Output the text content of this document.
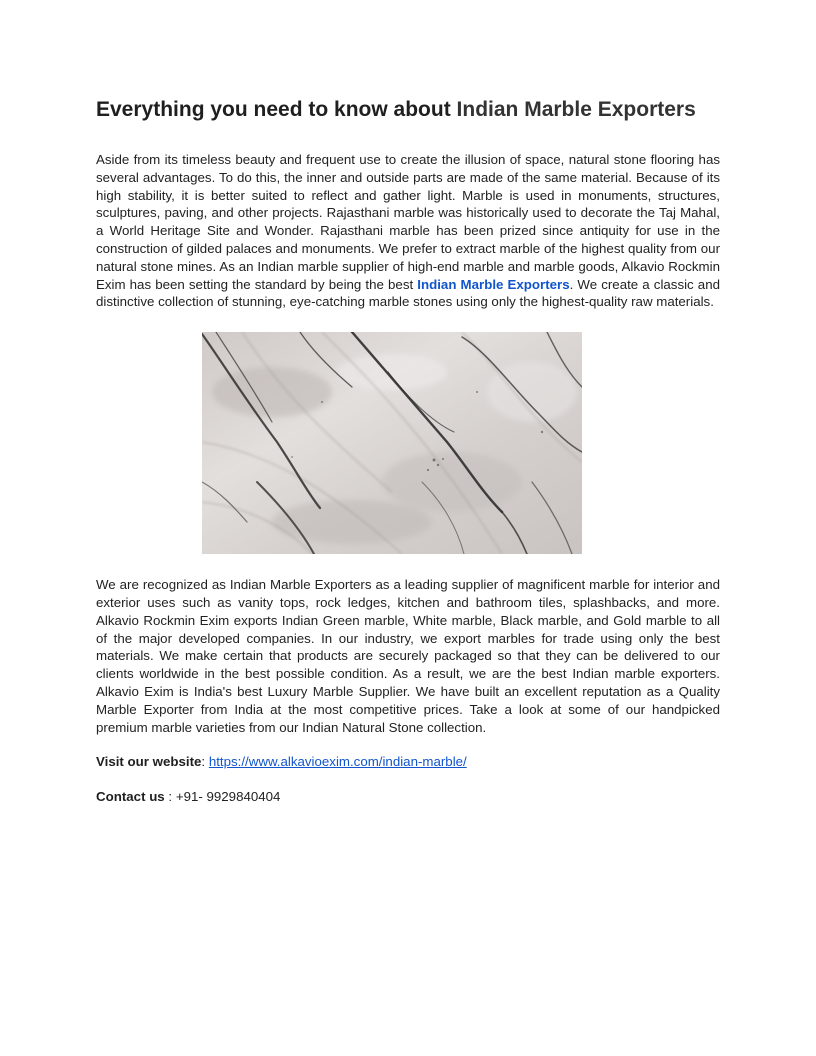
Everything you need to know about Indian Marble Exporters

Aside from its timeless beauty and frequent use to create the illusion of space, natural stone flooring has several advantages. To do this, the inner and outside parts are made of the same material. Because of its high stability, it is better suited to reflect and gather light. Marble is used in monuments, structures, sculptures, paving, and other projects. Rajasthani marble was historically used to decorate the Taj Mahal, a World Heritage Site and Wonder. Rajasthani marble has been prized since antiquity for use in the construction of gilded palaces and monuments. We prefer to extract marble of the highest quality from our natural stone mines. As an Indian marble supplier of high-end marble and marble goods, Alkavio Rockmin Exim has been setting the standard by being the best Indian Marble Exporters. We create a classic and distinctive collection of stunning, eye-catching marble stones using only the highest-quality raw materials.

We are recognized as Indian Marble Exporters as a leading supplier of magnificent marble for interior and exterior uses such as vanity tops, rock ledges, kitchen and bathroom tiles, splashbacks, and more. Alkavio Rockmin Exim exports Indian Green marble, White marble, Black marble, and Gold marble to all of the major developed companies. In our industry, we export marbles for trade using only the best materials. We make certain that products are securely packaged so that they can be delivered to our clients worldwide in the best possible condition. As a result, we are the best Indian marble exporters. Alkavio Exim is India's best Luxury Marble Supplier. We have built an excellent reputation as a Quality Marble Exporter from India at the most competitive prices. Take a look at some of our handpicked premium marble varieties from our Indian Natural Stone collection.

Visit our website: https://www.alkavioexim.com/indian-marble/
Contact us : +91- 9929840404
